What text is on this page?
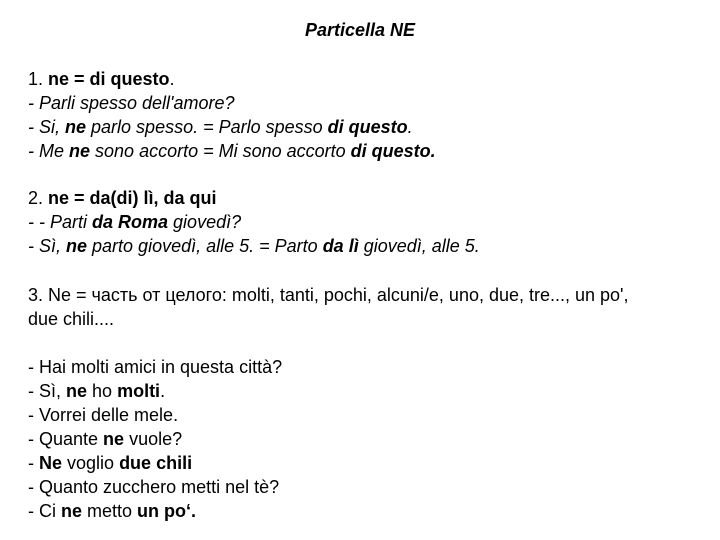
Particella NE
1. ne = di questo.
- Parli spesso dell'amore?
- Si, ne parlo spesso. = Parlo spesso di questo.
- Me ne sono accorto = Mi sono accorto di questo.
2. ne = da(di) lì, da qui
- - Parti da Roma giovedì?
- Sì, ne parto giovedì, alle 5. = Parto da lì giovedì, alle 5.
3. Ne = часть от целого: molti, tanti, pochi, alcuni/e, uno, due, tre..., un po',
due chili....
- Hai molti amici in questa città?
- Sì, ne ho molti.
- Vorrei delle mele.
- Quante ne vuole?
- Ne voglio due chili
- Quanto zucchero metti nel tè?
- Ci ne metto un po‘.
